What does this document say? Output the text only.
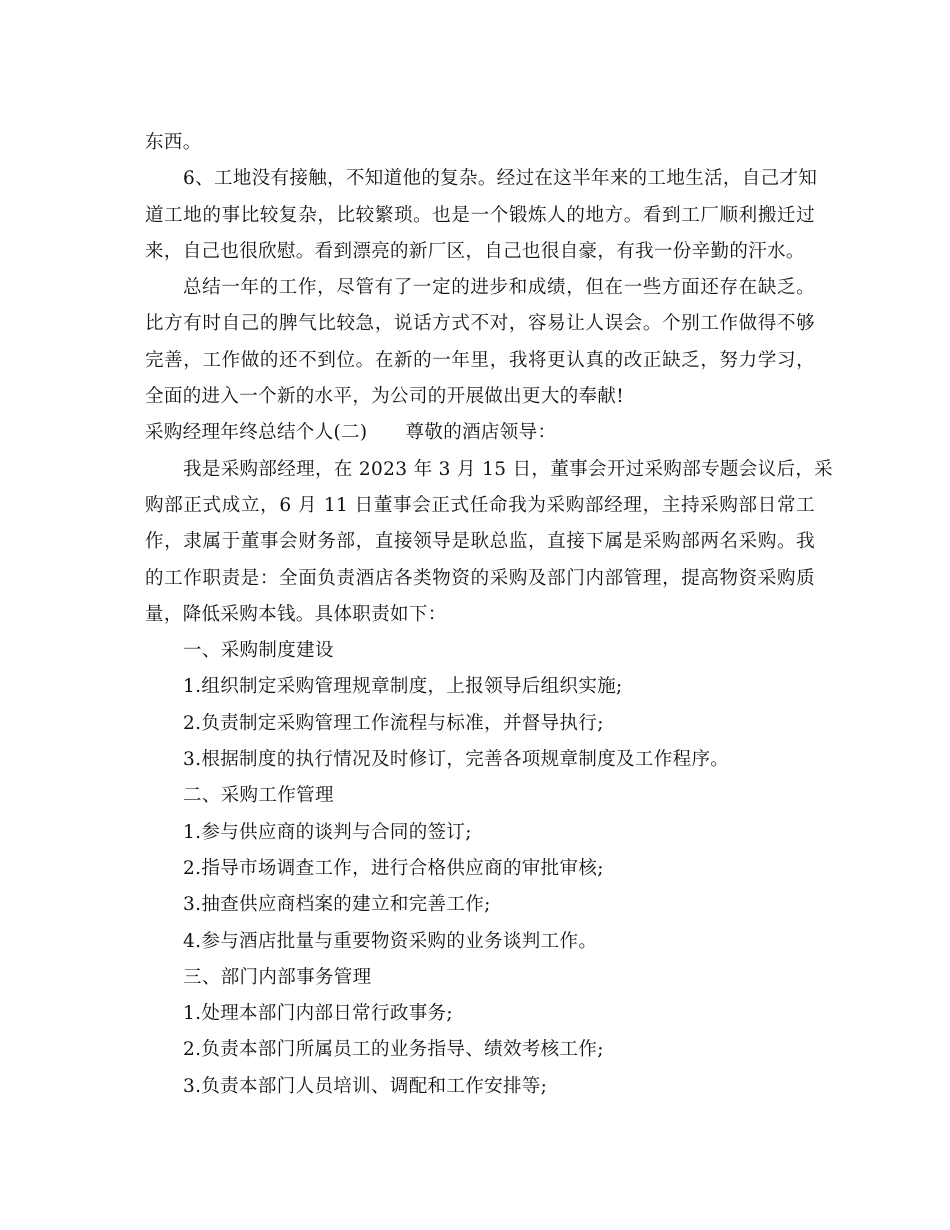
东西。
6、工地没有接触，不知道他的复杂。经过在这半年来的工地生活，自己才知
道工地的事比较复杂，比较繁琐。也是一个锻炼人的地方。看到工厂顺利搬迁过
来，自己也很欣慰。看到漂亮的新厂区，自己也很自豪，有我一份辛勤的汗水。
总结一年的工作，尽管有了一定的进步和成绩，但在一些方面还存在缺乏。
比方有时自己的脾气比较急，说话方式不对，容易让人误会。个别工作做得不够
完善，工作做的还不到位。在新的一年里，我将更认真的改正缺乏，努力学习，
全面的进入一个新的水平，为公司的开展做出更大的奉献!
采购经理年终总结个人(二) 尊敬的酒店领导：
我是采购部经理，在 2023 年 3 月 15 日，董事会开过采购部专题会议后，采
购部正式成立，6 月 11 日董事会正式任命我为采购部经理，主持采购部日常工
作，隶属于董事会财务部，直接领导是耿总监，直接下属是采购部两名采购。我
的工作职责是：全面负责酒店各类物资的采购及部门内部管理，提高物资采购质
量，降低采购本钱。具体职责如下：
一、采购制度建设
1.组织制定采购管理规章制度，上报领导后组织实施;
2.负责制定采购管理工作流程与标准，并督导执行;
3.根据制度的执行情况及时修订，完善各项规章制度及工作程序。
二、采购工作管理
1.参与供应商的谈判与合同的签订;
2.指导市场调查工作，进行合格供应商的审批审核;
3.抽查供应商档案的建立和完善工作;
4.参与酒店批量与重要物资采购的业务谈判工作。
三、部门内部事务管理
1.处理本部门内部日常行政事务;
2.负责本部门所属员工的业务指导、绩效考核工作;
3.负责本部门人员培训、调配和工作安排等;
